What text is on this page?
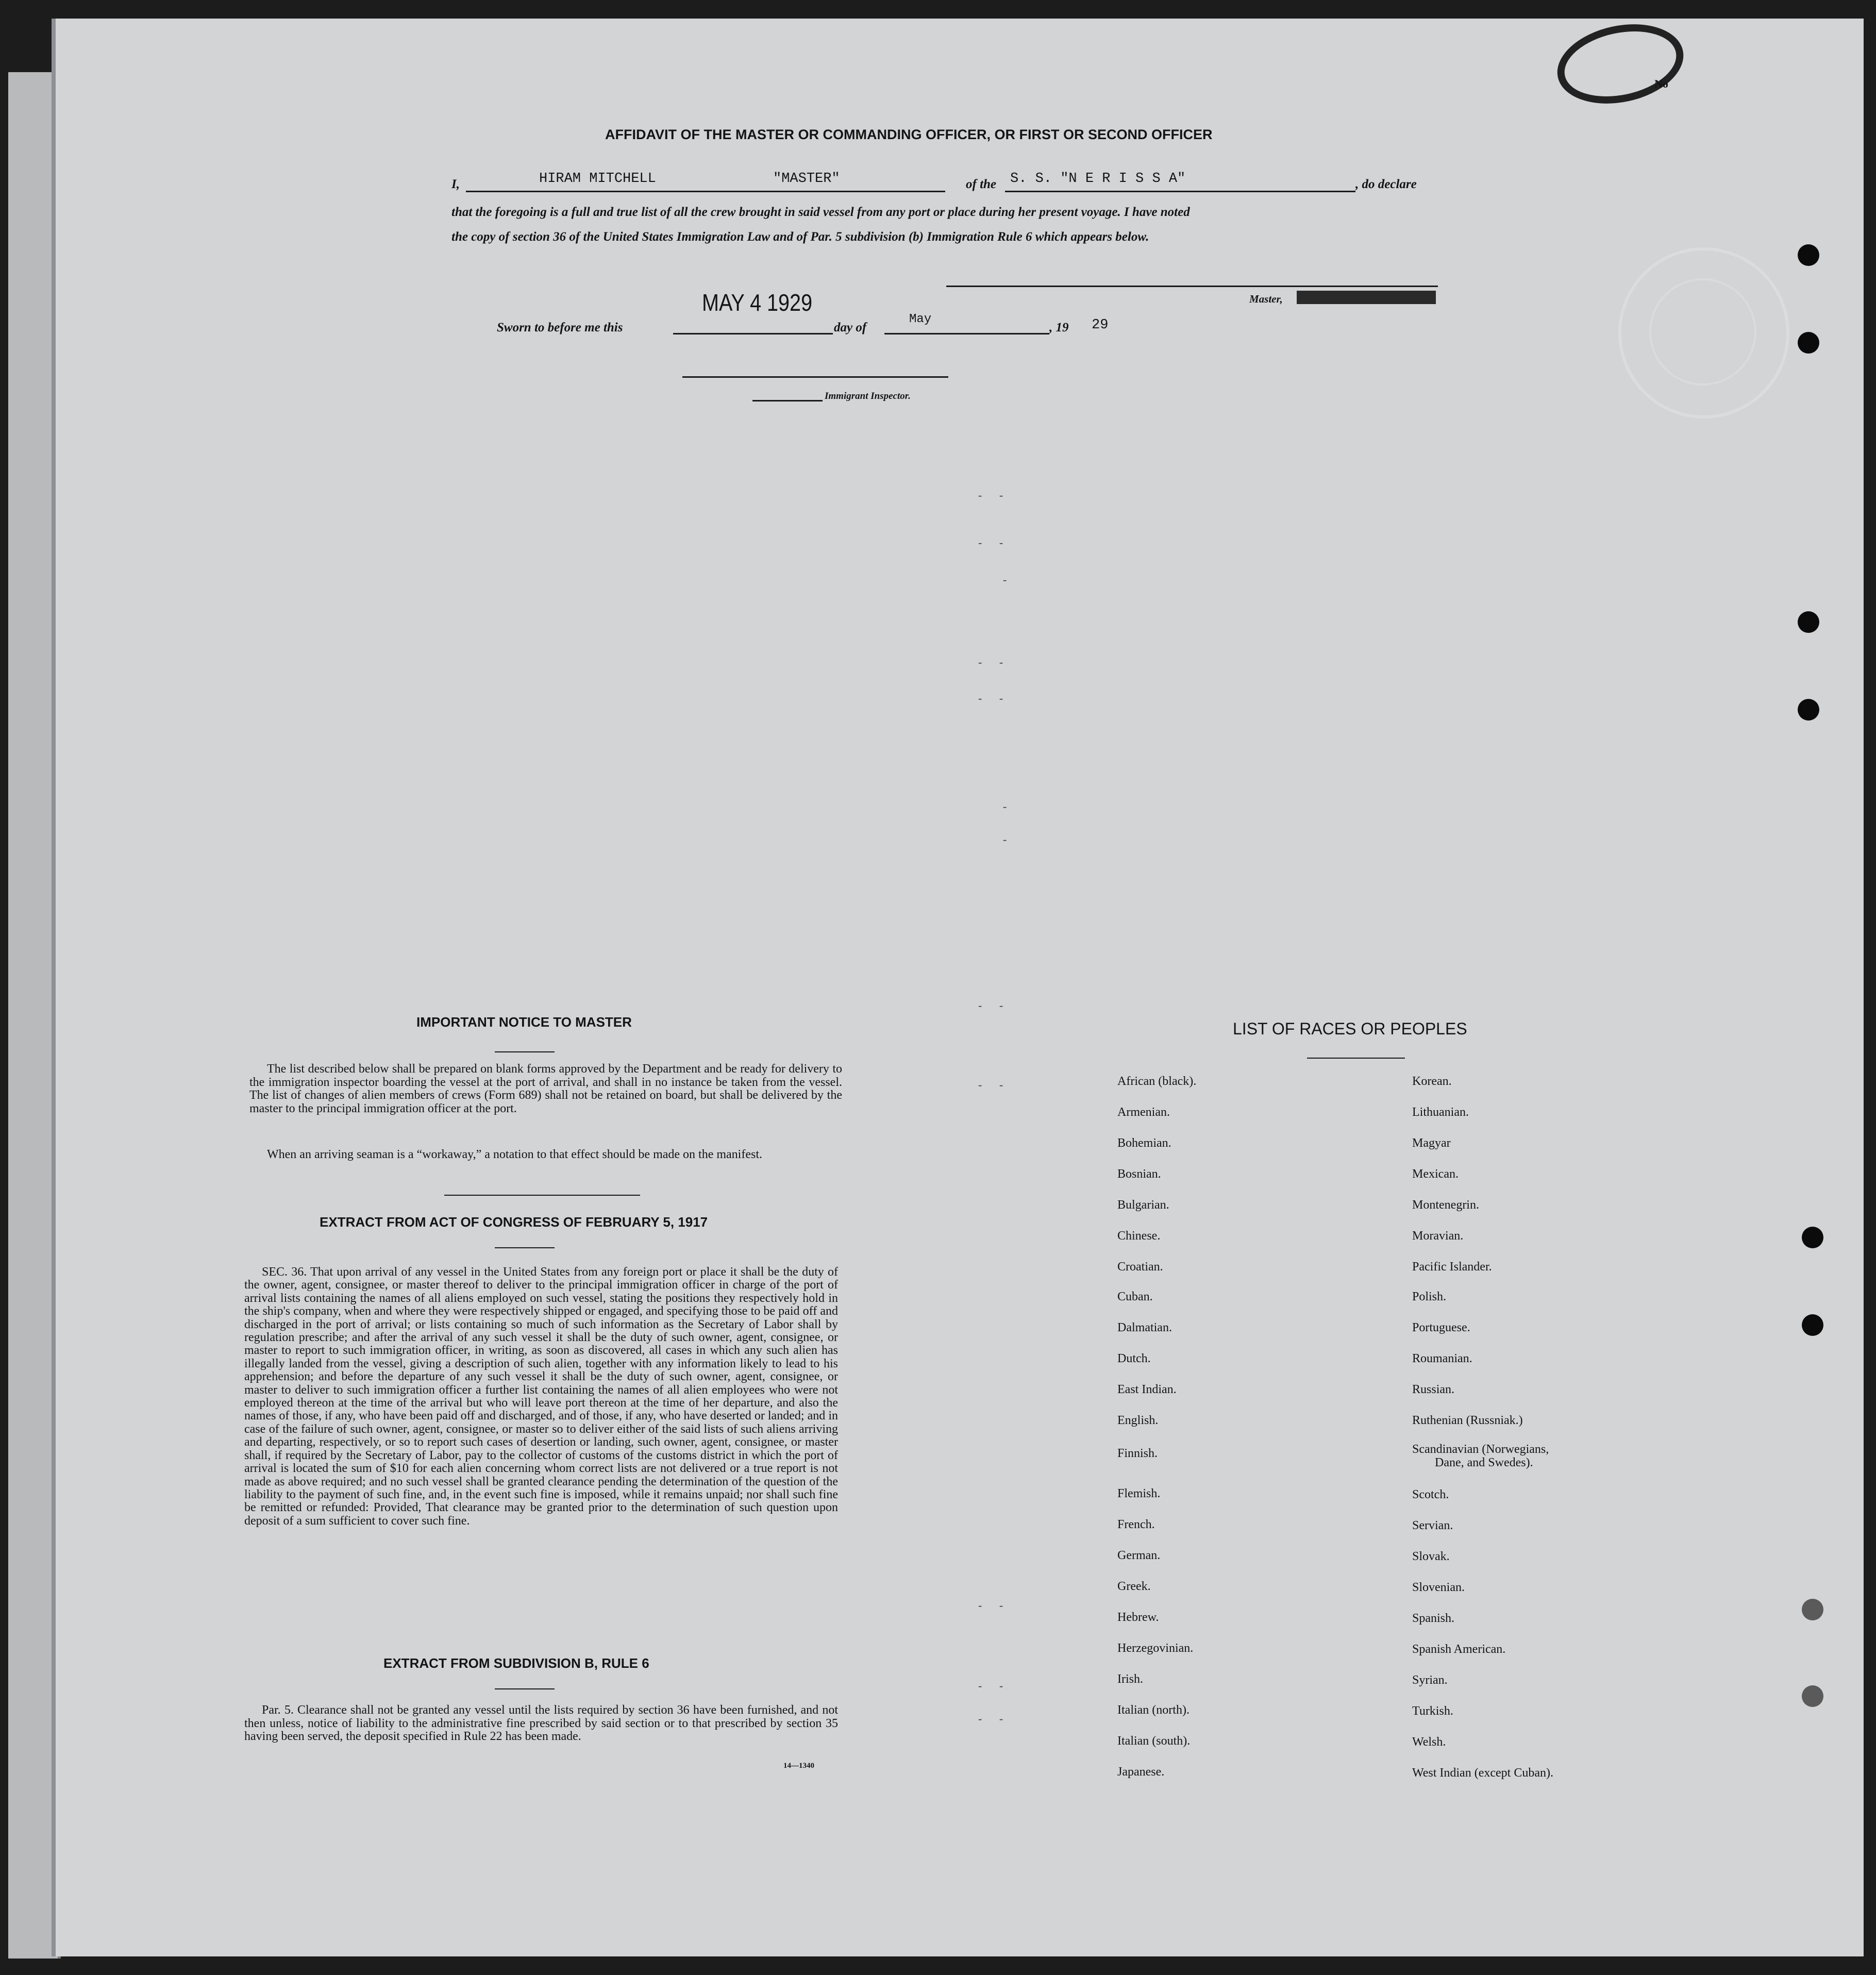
No
AFFIDAVIT OF THE MASTER OR COMMANDING OFFICER, OR FIRST OR SECOND OFFICER
I,	HIRAM MITCHELL	"MASTER"	of the S. S. "N E R I S S A"	, do declare
that the foregoing is a full and true list of all the crew brought in said vessel from any port or place during her present voyage. I have noted
the copy of section 36 of the United States Immigration Law and of Par. 5 subdivision (b) Immigration Rule 6 which appears below.
Master,
Sworn to before me this
MAY 4 1929
day of
May
, 19 29
Immigrant Inspector.
- -
- -
-
- -
- -
-
-
- -
- -
- -
- -
- -
IMPORTANT NOTICE TO MASTER
The list described below shall be prepared on blank forms approved by the Department and be ready for delivery to the immigration inspector boarding the vessel at the port of arrival, and shall in no instance be taken from the vessel. The list of changes of alien members of crews (Form 689) shall not be retained on board, but shall be delivered by the master to the principal immigration officer at the port.
When an arriving seaman is a “workaway,” a notation to that effect should be made on the manifest.
EXTRACT FROM ACT OF CONGRESS OF FEBRUARY 5, 1917
SEC. 36. That upon arrival of any vessel in the United States from any foreign port or place it shall be the duty of the owner, agent, consignee, or master thereof to deliver to the principal immigration officer in charge of the port of arrival lists containing the names of all aliens employed on such vessel, stating the positions they respectively hold in the ship's company, when and where they were respectively shipped or engaged, and specifying those to be paid off and discharged in the port of arrival; or lists containing so much of such information as the Secretary of Labor shall by regulation prescribe; and after the arrival of any such vessel it shall be the duty of such owner, agent, consignee, or master to report to such immigration officer, in writing, as soon as discovered, all cases in which any such alien has illegally landed from the vessel, giving a description of such alien, together with any information likely to lead to his apprehension; and before the departure of any such vessel it shall be the duty of such owner, agent, consignee, or master to deliver to such immigration officer a further list containing the names of all alien employees who were not employed thereon at the time of the arrival but who will leave port thereon at the time of her departure, and also the names of those, if any, who have been paid off and discharged, and of those, if any, who have deserted or landed; and in case of the failure of such owner, agent, consignee, or master so to deliver either of the said lists of such aliens arriving and departing, respectively, or so to report such cases of desertion or landing, such owner, agent, consignee, or master shall, if required by the Secretary of Labor, pay to the collector of customs of the customs district in which the port of arrival is located the sum of $10 for each alien concerning whom correct lists are not delivered or a true report is not made as above required; and no such vessel shall be granted clearance pending the determination of the question of the liability to the payment of such fine, and, in the event such fine is imposed, while it remains unpaid; nor shall such fine be remitted or refunded: Provided, That clearance may be granted prior to the determination of such question upon deposit of a sum sufficient to cover such fine.
EXTRACT FROM SUBDIVISION B, RULE 6
Par. 5. Clearance shall not be granted any vessel until the lists required by section 36 have been furnished, and not then unless, notice of liability to the administrative fine prescribed by said section or to that prescribed by section 35 having been served, the deposit specified in Rule 22 has been made.
14—1340
LIST OF RACES OR PEOPLES
African (black).
Armenian.
Bohemian.
Bosnian.
Bulgarian.
Chinese.
Croatian.
Cuban.
Dalmatian.
Dutch.
East Indian.
English.
Finnish.
Flemish.
French.
German.
Greek.
Hebrew.
Herzegovinian.
Irish.
Italian (north).
Italian (south).
Japanese.
Korean.
Lithuanian.
Magyar
Mexican.
Montenegrin.
Moravian.
Pacific Islander.
Polish.
Portuguese.
Roumanian.
Russian.
Ruthenian (Russniak.)
Scandinavian (Norwegians,
Dane, and Swedes).
Scotch.
Servian.
Slovak.
Slovenian.
Spanish.
Spanish American.
Syrian.
Turkish.
Welsh.
West Indian (except Cuban).
